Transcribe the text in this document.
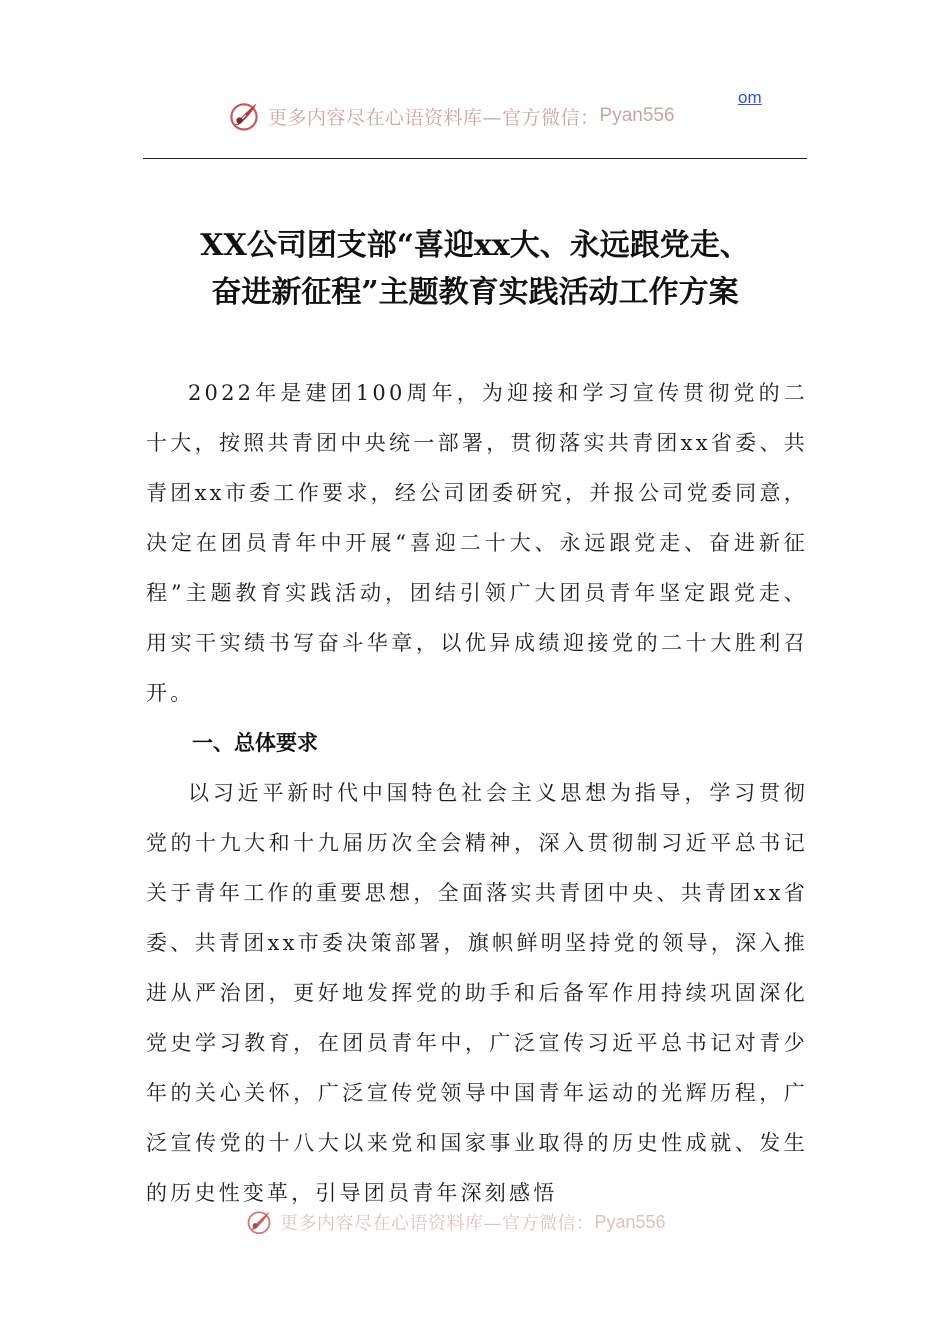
更多内容尽在心语资料库—官方微信： Pyan556
om
XX公司团支部“喜迎xx大、永远跟党走、
奋进新征程”主题教育实践活动工作方案

2022年是建团100周年，为迎接和学习宣传贯彻党的二十大，按照共青团中央统一部署，贯彻落实共青团xx省委、共青团xx市委工作要求，经公司团委研究，并报公司党委同意，决定在团员青年中开展“喜迎二十大、永远跟党走、奋进新征程”主题教育实践活动，团结引领广大团员青年坚定跟党走、用实干实绩书写奋斗华章，以优异成绩迎接党的二十大胜利召开。

一、总体要求

以习近平新时代中国特色社会主义思想为指导，学习贯彻党的十九大和十九届历次全会精神，深入贯彻制习近平总书记关于青年工作的重要思想，全面落实共青团中央、共青团xx省委、共青团xx市委决策部署，旗帜鲜明坚持党的领导，深入推进从严治团，更好地发挥党的助手和后备军作用持续巩固深化党史学习教育，在团员青年中，广泛宣传习近平总书记对青少年的关心关怀，广泛宣传党领导中国青年运动的光辉历程，广泛宣传党的十八大以来党和国家事业取得的历史性成就、发生的历史性变革，引导团员青年深刻感悟

更多内容尽在心语资料库—官方微信： Pyan556
